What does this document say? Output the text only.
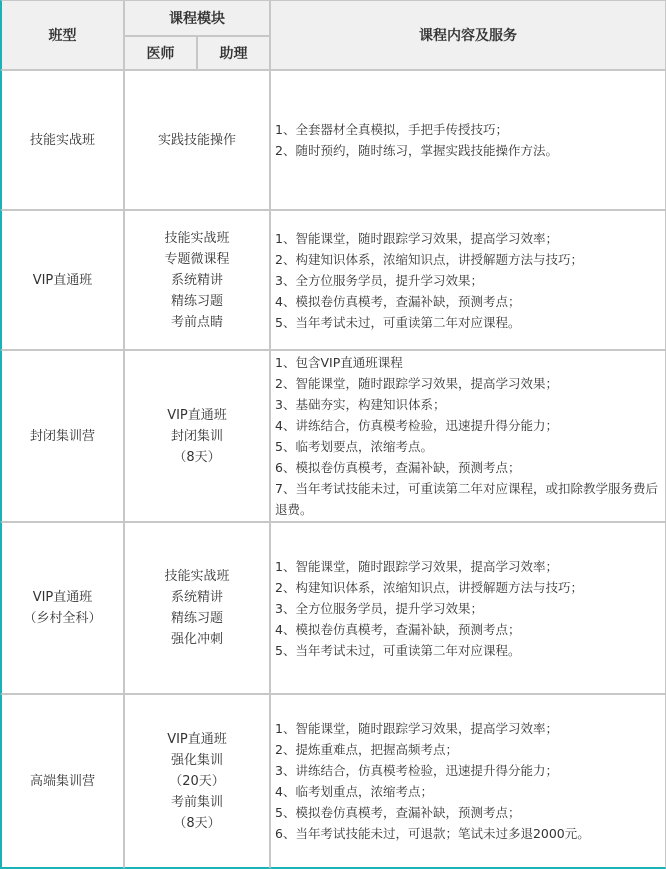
班型
课程模块
医师	助理
课程内容及服务
技能实战班	实践技能操作
1、全套器材全真模拟，手把手传授技巧；
2、随时预约，随时练习，掌握实践技能操作方法。
VIP直通班
技能实战班
专题微课程
系统精讲
精练习题
考前点睛
1、智能课堂，随时跟踪学习效果，提高学习效率；
2、构建知识体系，浓缩知识点，讲授解题方法与技巧；
3、全方位服务学员，提升学习效果；
4、模拟卷仿真模考，查漏补缺，预测考点；
5、当年考试未过，可重读第二年对应课程。
封闭集训营
VIP直通班
封闭集训
（8天）
1、包含VIP直通班课程
2、智能课堂，随时跟踪学习效果，提高学习效果；
3、基础夯实，构建知识体系；
4、讲练结合，仿真模考检验，迅速提升得分能力；
5、临考划要点，浓缩考点。
6、模拟卷仿真模考，查漏补缺，预测考点；
7、当年考试技能未过，可重读第二年对应课程，或扣除教学服务费后退费。
VIP直通班
（乡村全科）
技能实战班
系统精讲
精练习题
强化冲刺
1、智能课堂，随时跟踪学习效果，提高学习效率；
2、构建知识体系，浓缩知识点，讲授解题方法与技巧；
3、全方位服务学员，提升学习效果；
4、模拟卷仿真模考，查漏补缺，预测考点；
5、当年考试未过，可重读第二年对应课程。
高端集训营
VIP直通班
强化集训
（20天）
考前集训
（8天）
1、智能课堂，随时跟踪学习效果，提高学习效率；
2、提炼重难点，把握高频考点；
3、讲练结合，仿真模考检验，迅速提升得分能力；
4、临考划重点，浓缩考点；
5、模拟卷仿真模考，查漏补缺，预测考点；
6、当年考试技能未过，可退款；笔试未过多退2000元。
